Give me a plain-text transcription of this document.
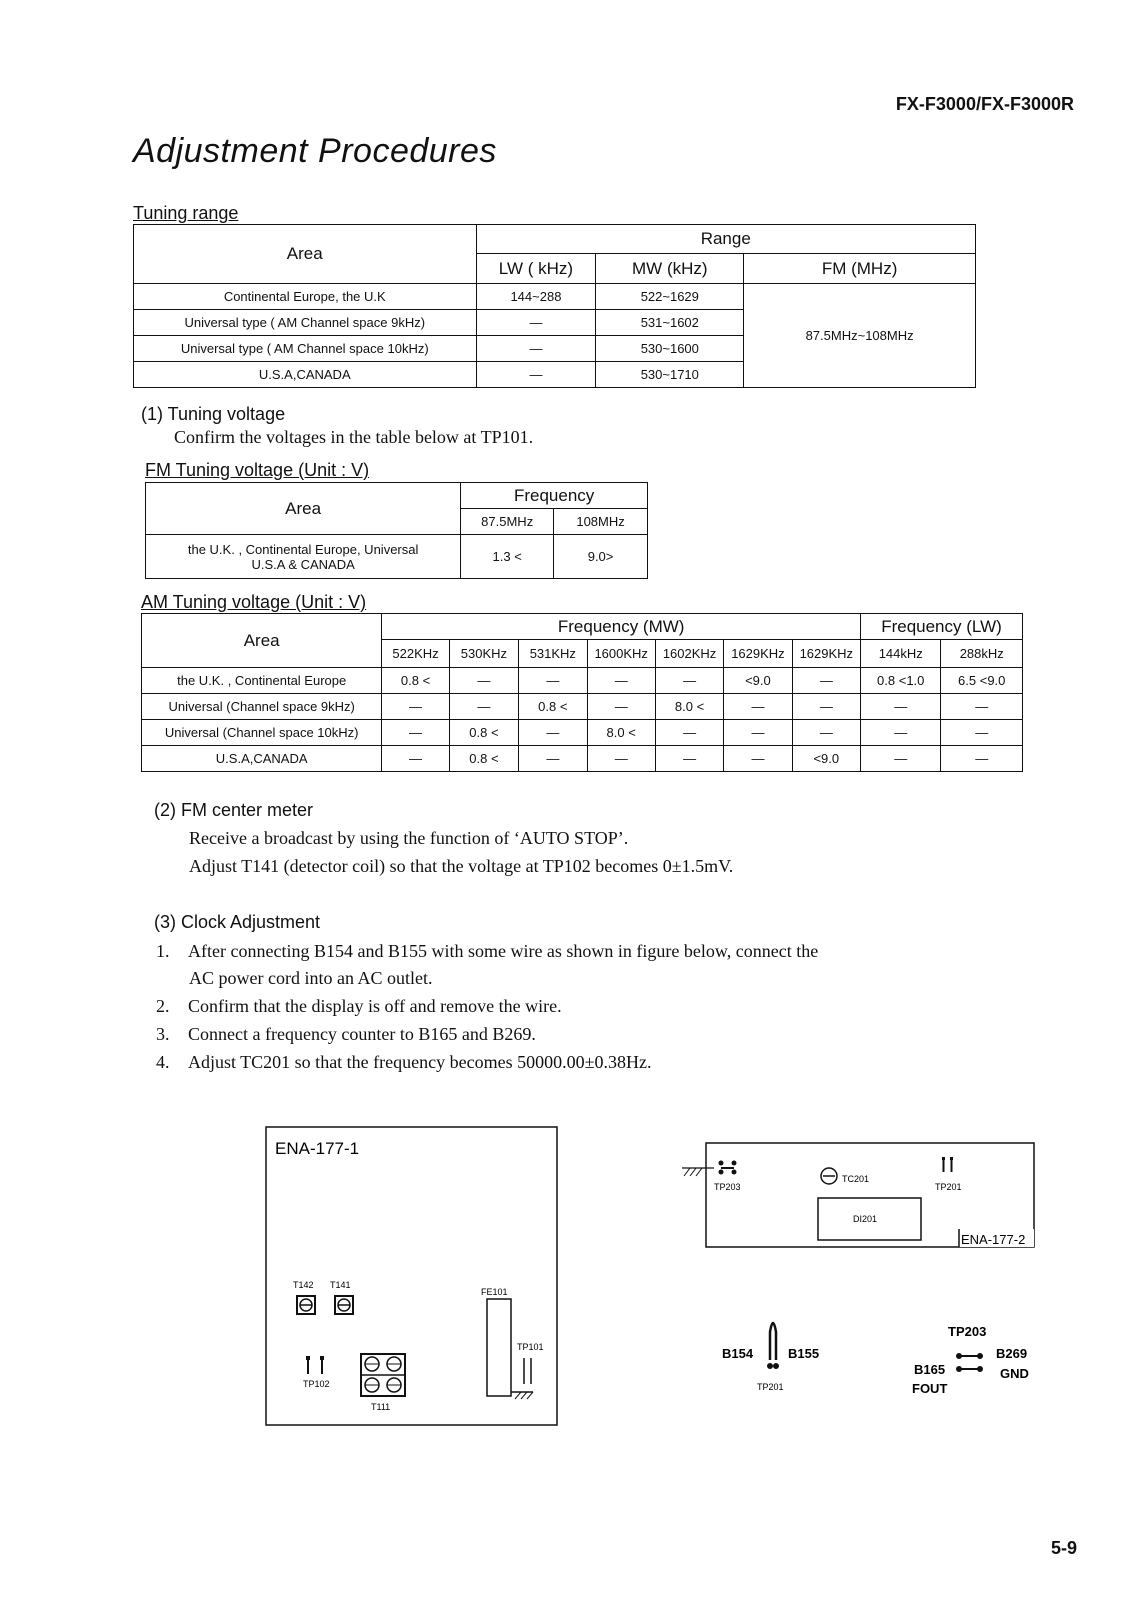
FX-F3000/FX-F3000R
Adjustment Procedures
Tuning range
Area	Range		
	LW ( kHz)	MW (kHz)	FM (MHz)
Continental Europe, the U.K	144~288	522~1629	87.5MHz~108MHz
Universal type ( AM Channel space 9kHz)	—	531~1602	
Universal type ( AM Channel space 10kHz)	—	530~1600	
U.S.A,CANADA	—	530~1710	
(1) Tuning voltage
Confirm the voltages in the table below at TP101.
FM Tuning voltage (Unit : V)
Area	Frequency	
	87.5MHz	108MHz

the U.K. , Continental Europe, Universal
U.S.A & CANADA	1.3 <	9.0>
AM Tuning voltage (Unit : V)
Area	Frequency (MW)							Frequency (LW)	
	522KHz	530KHz	531KHz	1600KHz	1602KHz	1629KHz	1629KHz	144kHz	288kHz
the U.K. , Continental Europe	0.8 <	—	—	—	—	<9.0	—	0.8 <1.0	6.5 <9.0
Universal (Channel space 9kHz)	—	—	0.8 <	—	8.0 <	—	—	—	—
Universal (Channel space 10kHz)	—	0.8 <	—	8.0 <	—	—	—	—	—
U.S.A,CANADA	—	0.8 <	—	—	—	—	<9.0	—	—
(2) FM center meter
Receive a broadcast by using the function of ‘AUTO STOP’.
Adjust T141 (detector coil) so that the voltage at TP102 becomes 0±1.5mV.
(3) Clock Adjustment
1. After connecting B154 and B155 with some wire as shown in figure below, connect the
AC power cord into an AC outlet.
2. Confirm that the display is off and remove the wire.
3. Connect a frequency counter to B165 and B269.
4. Adjust TC201 so that the frequency becomes 50000.00±0.38Hz.
ENA-177-1
T142 T141
TP102
T111
FE101
TP101
ENA-177-2
TP203
TC201
TP201
DI201
B154	B155
TP201
TP203
B269
B165	GND
FOUT
5-9
